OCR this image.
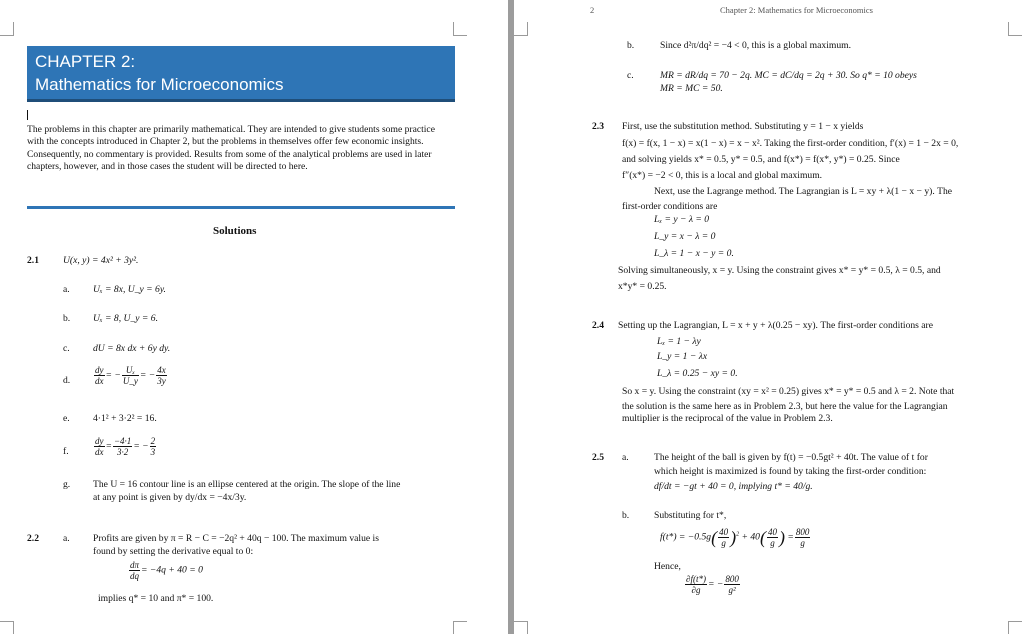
CHAPTER 2:
Mathematics for Microeconomics
The problems in this chapter are primarily mathematical. They are intended to give students some practice with the concepts introduced in Chapter 2, but the problems in themselves offer few economic insights. Consequently, no commentary is provided. Results from some of the analytical problems are used in later chapters, however, and in those cases the student will be directed to here.
Solutions
2.1	U(x, y) = 4x² + 3y².
a. Uₓ = 8x, U_y = 6y.
b. Uₓ = 8, U_y = 6.
c. dU = 8x dx + 6y dy.
d.	$\frac{dy}{dx}$ = − $\frac{\text{Uₓ}}{U\_y}$ = − $\frac{4x}{3y}$
e. 4·1² + 3·2² = 16.
f.	$\frac{dy}{dx} = \frac{-4\cdot 1}{3\cdot 2}$ = − $\frac{2}{3}$
g. The U = 16 contour line is an ellipse centered at the origin. The slope of the line
at any point is given by dy/dx = −4x/3y.
2.2	a. Profits are given by π = R − C = −2q² + 40q − 100. The maximum value is
found by setting the derivative equal to 0:
$\frac{d\pi}{dq} = -4q + 40 = 0$
implies q* = 10 and π* = 100.
2	Chapter 2: Mathematics for Microeconomics
b.	Since d²π/dq² = −4 < 0, this is a global maximum.
c.	MR = dR/dq = 70 − 2q. MC = dC/dq = 2q + 30. So q* = 10 obeys
MR = MC = 50.
2.3 First, use the substitution method. Substituting y = 1 − x yields
f(x) = f(x, 1 − x) = x(1 − x) = x − x². Taking the first-order condition, f′(x) = 1 − 2x = 0,
and solving yields x* = 0.5, y* = 0.5, and f(x*) = f(x*, y*) = 0.25. Since
f″(x*) = −2 < 0, this is a local and global maximum.
Next, use the Lagrange method. The Lagrangian is L = xy + λ(1 − x − y). The
first-order conditions are
Lₓ = y − λ = 0
L_y = x − λ = 0
L_λ = 1 − x − y = 0.
Solving simultaneously, x = y. Using the constraint gives x* = y* = 0.5, λ = 0.5, and
x*y* = 0.25.
2.4 Setting up the Lagrangian, L = x + y + λ(0.25 − xy). The first-order conditions are
Lₓ = 1 − λy
L_y = 1 − λx
L_λ = 0.25 − xy = 0.
So x = y. Using the constraint (xy = x² = 0.25) gives x* = y* = 0.5 and λ = 2. Note that
the solution is the same here as in Problem 2.3, but here the value for the Lagrangian
multiplier is the reciprocal of the value in Problem 2.3.
2.5 a.	The height of the ball is given by f(t) = −0.5gt² + 40t. The value of t for
which height is maximized is found by taking the first-order condition:
df/dt = −gt + 40 = 0, implying t* = 40/g.
b.	Substituting for t*,
$f(t*) = -0.5g( \frac{40}{g} )^2 + 40( \frac{40}{g}$ ) = $\frac{800}{g}$
Hence,
$\frac{\partial f(t*)}{\partial g}$ = − $\frac{800}{\text{g²}}$
